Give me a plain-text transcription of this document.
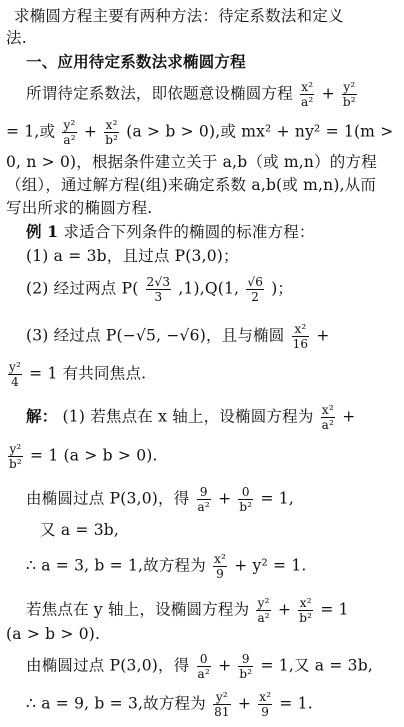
求椭圆方程主要有两种方法：待定系数法和定义
法.
一、应用待定系数法求椭圆方程
所谓待定系数法，即依题意设椭圆方程 $\frac{\text{x²}}{\text{a²}} + \frac{\text{y²}}{\text{b²}}$
= 1,或 $\frac{\text{y²}}{\text{a²}} + \frac{\text{x²}}{\text{b²}} (a > b > 0)$,或 mx² + ny² = 1(m >
0, n > 0)，根据条件建立关于 a,b（或 m,n）的方程
（组），通过解方程(组)来确定系数 a,b(或 m,n),从而
写出所求的椭圆方程.
例 1 求适合下列条件的椭圆的标准方程：
(1) a = 3b，且过点 P(3,0)；
(2) 经过两点 $P( \frac{2√3}{3} ,1),Q(1$, $\frac{√6}{2}$ )；
(3) 经过点 P(−√5, −√6)，且与椭圆 $\frac{\text{x²}}{16}$ +
$\frac{\text{y²}}{4} = 1$ 有共同焦点.
解： (1) 若焦点在 x 轴上，设椭圆方程为 $\frac{\text{x²}}{\text{a²}}$ +
$\frac{\text{y²}}{\text{b²}} = 1$ (a > b > 0).
由椭圆过点 P(3,0)，得 $\frac{9}{\text{a²}} + \frac{0}{\text{b²}} = 1$,
又 a = 3b,
∴ a = 3, b = 1,故方程为 $\frac{\text{x²}}{9} + y^2 = 1$.
若焦点在 y 轴上，设椭圆方程为 $\frac{\text{y²}}{\text{a²}} + \frac{\text{x²}}{\text{b²}} = 1$
(a > b > 0).
由椭圆过点 P(3,0)，得 $\frac{0}{\text{a²}} + \frac{9}{\text{b²}} = 1$,又 a = 3b,
∴ a = 9, b = 3,故方程为 $\frac{\text{y²}}{81} + \frac{\text{x²}}{9} = 1$.
